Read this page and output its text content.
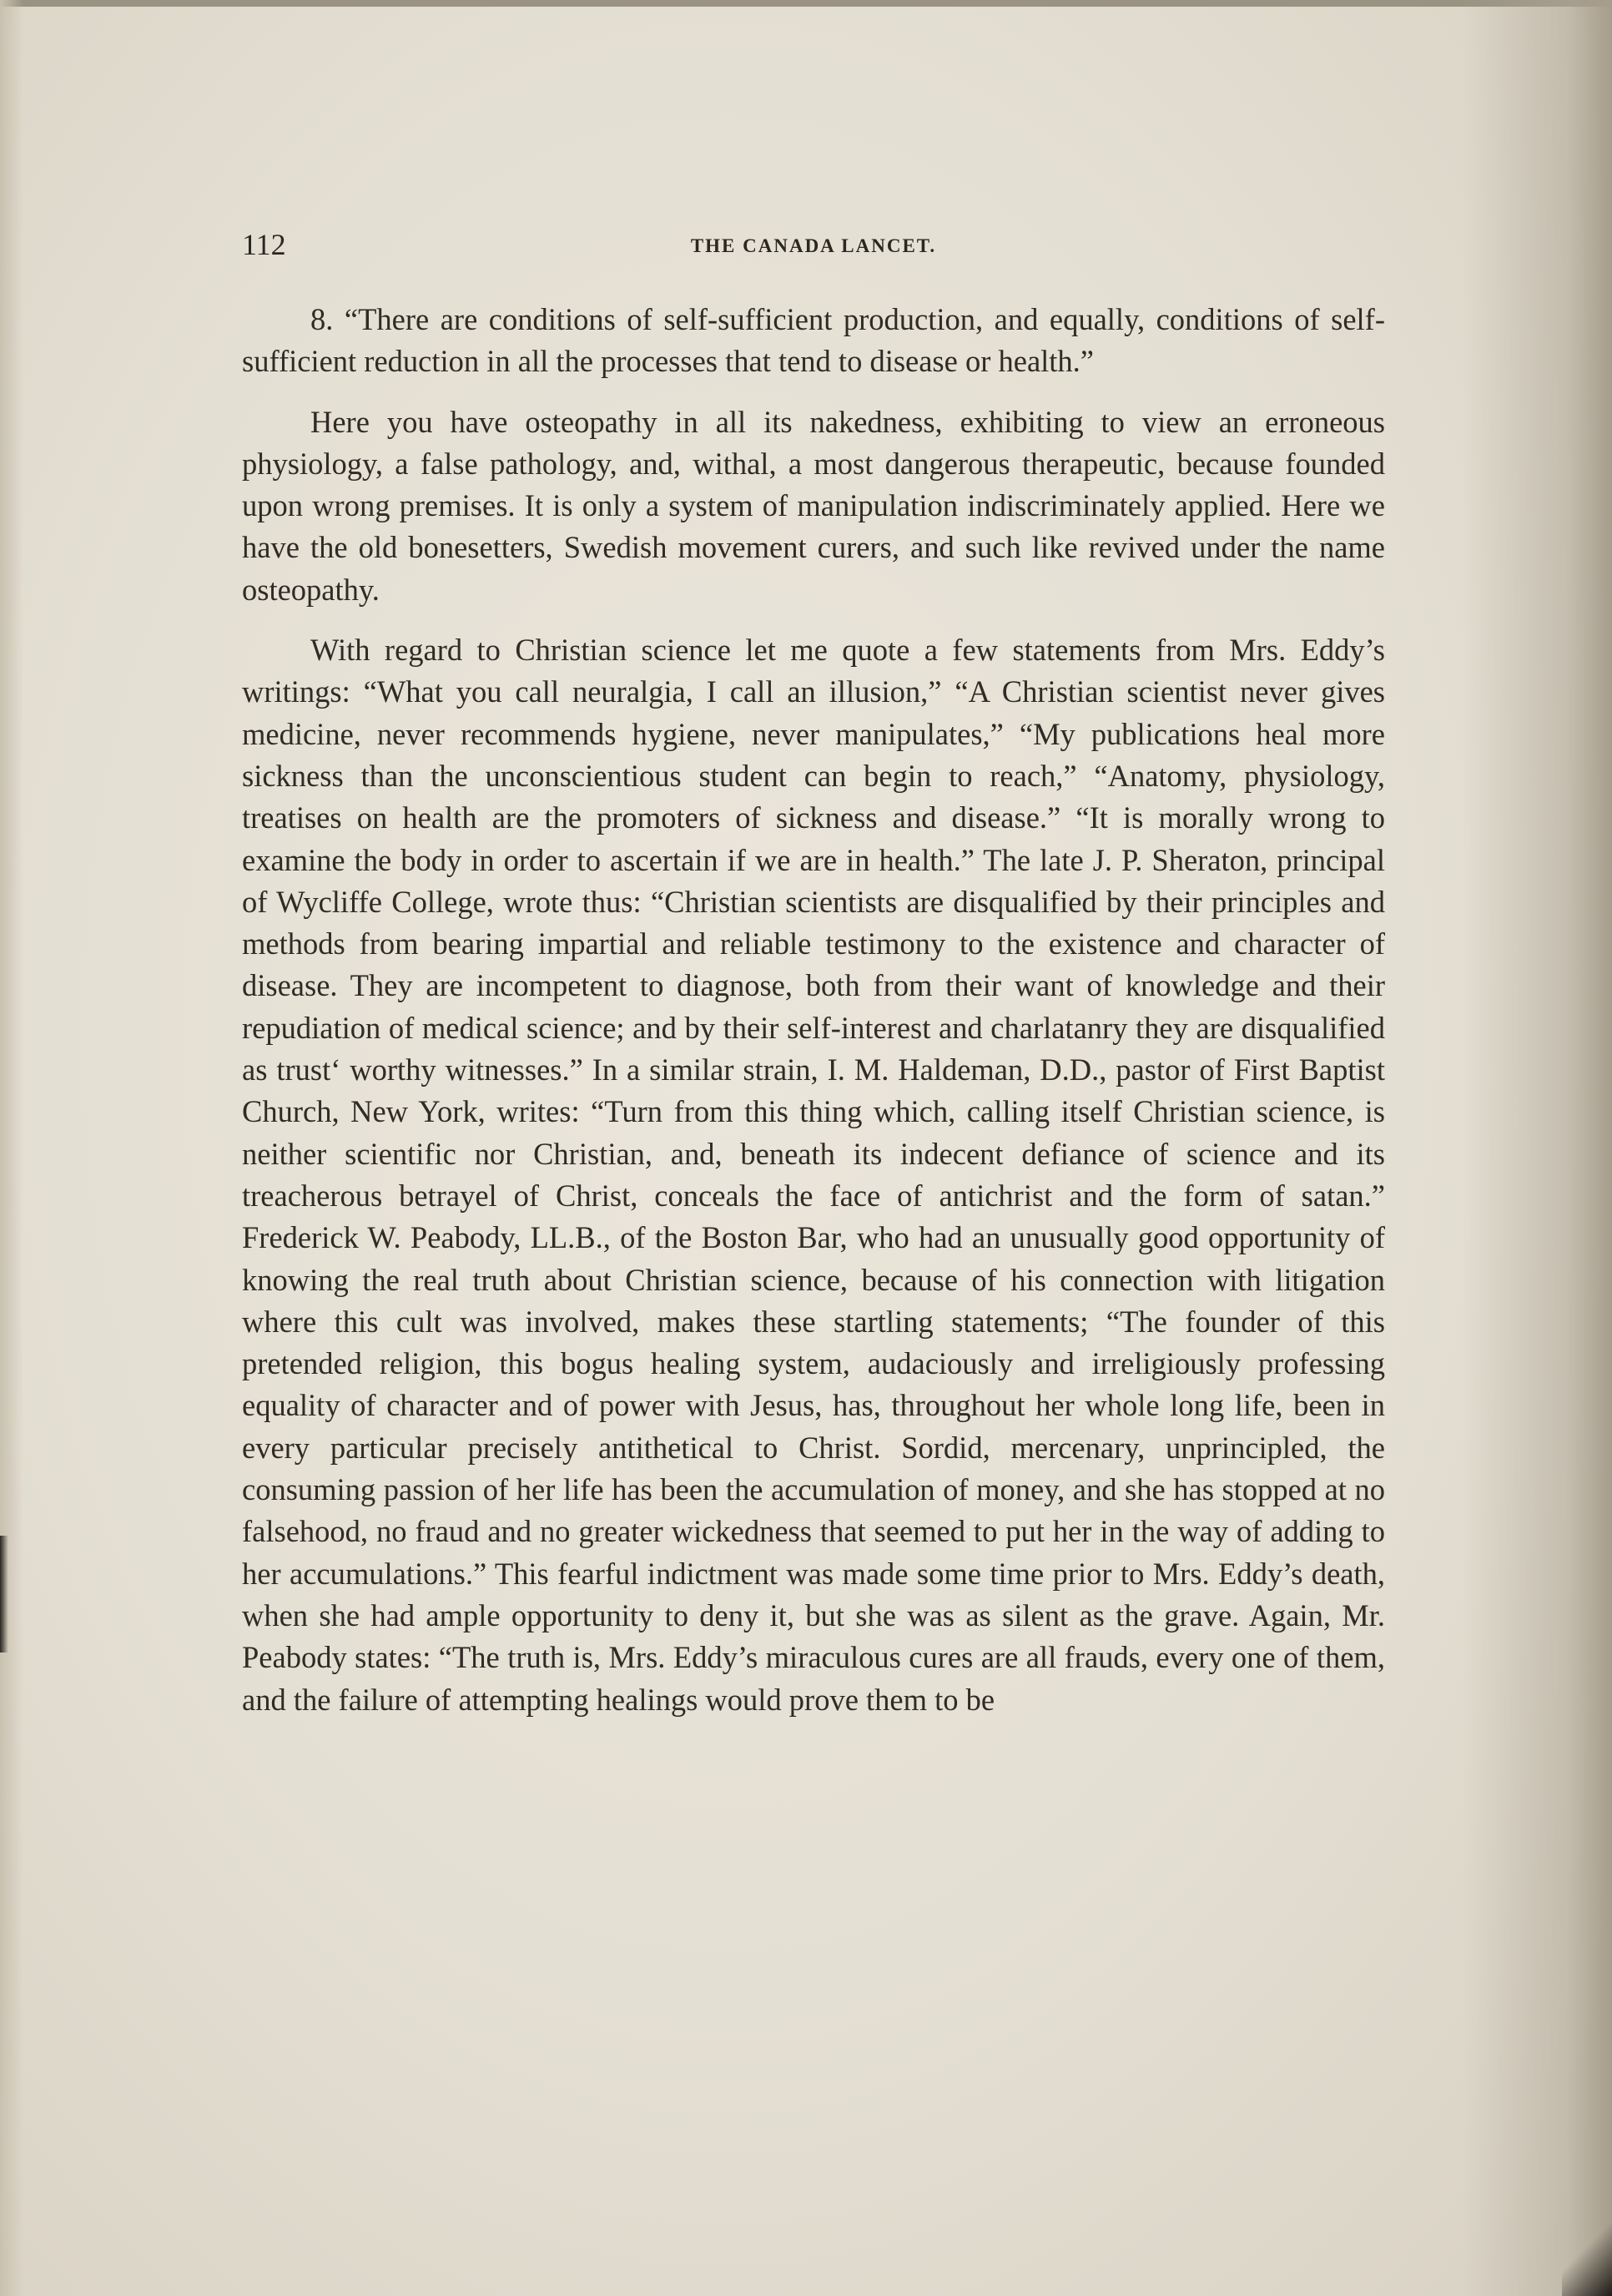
112	THE CANADA LANCET.

8. “There are conditions of self-sufficient production, and equally, conditions of self-sufficient reduction in all the processes that tend to disease or health.”

Here you have osteopathy in all its nakedness, exhibiting to view an erroneous physiology, a false pathology, and, withal, a most dangerous therapeutic, because founded upon wrong premises. It is only a system of manipulation indiscriminately applied. Here we have the old bonesetters, Swedish movement curers, and such like revived under the name osteopathy.

With regard to Christian science let me quote a few statements from Mrs. Eddy’s writings: “What you call neuralgia, I call an illusion,” “A Christian scientist never gives medicine, never recommends hygiene, never manipulates,” “My publications heal more sickness than the unconscientious student can begin to reach,” “Anatomy, physiology, treatises on health are the promoters of sickness and disease.” “It is morally wrong to examine the body in order to ascertain if we are in health.” The late J. P. Sheraton, principal of Wycliffe College, wrote thus: “Christian scientists are disqualified by their principles and methods from bearing impartial and reliable testimony to the existence and character of disease. They are incompetent to diagnose, both from their want of knowledge and their repudiation of medical science; and by their self-interest and charlatanry they are disqualified as trust‘ worthy witnesses.” In a similar strain, I. M. Haldeman, D.D., pastor of First Baptist Church, New York, writes: “Turn from this thing which, calling itself Christian science, is neither scientific nor Christian, and, beneath its indecent defiance of science and its treacherous betrayel of Christ, conceals the face of antichrist and the form of satan.” Frederick W. Peabody, LL.B., of the Boston Bar, who had an unusually good opportunity of knowing the real truth about Christian science, because of his connection with litigation where this cult was involved, makes these startling statements; “The founder of this pretended religion, this bogus healing system, audaciously and irreligiously professing equality of character and of power with Jesus, has, throughout her whole long life, been in every particular precisely antithetical to Christ. Sordid, mercenary, unprincipled, the consuming passion of her life has been the accumulation of money, and she has stopped at no falsehood, no fraud and no greater wickedness that seemed to put her in the way of adding to her accumulations.” This fearful indictment was made some time prior to Mrs. Eddy’s death, when she had ample opportunity to deny it, but she was as silent as the grave. Again, Mr. Peabody states: “The truth is, Mrs. Eddy’s miraculous cures are all frauds, every one of them, and the failure of attempting healings would prove them to be
